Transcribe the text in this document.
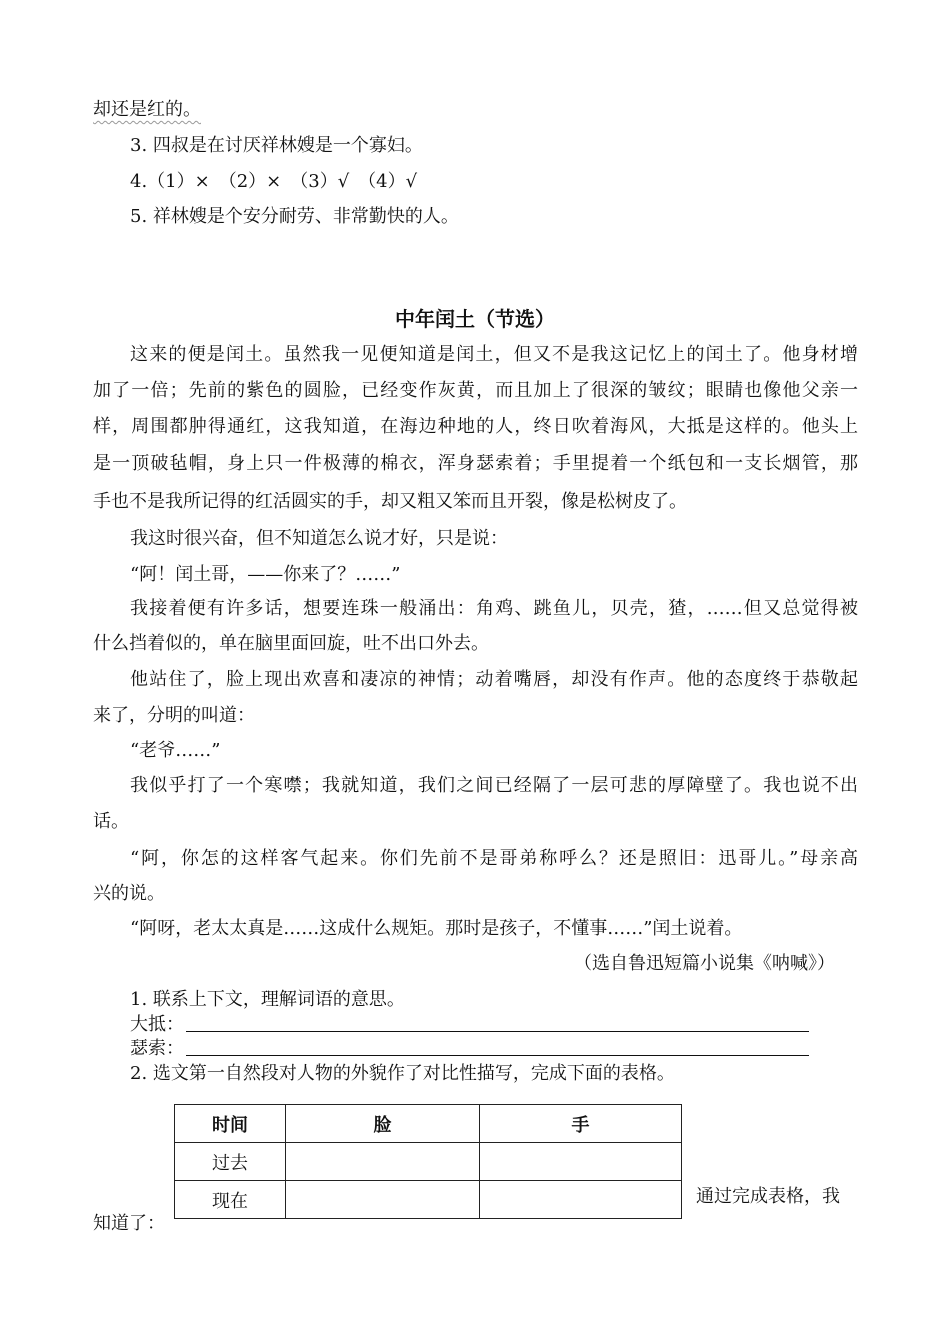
却还是红的。
3. 四叔是在讨厌祥林嫂是一个寡妇。
4.（1）×　（2）×　（3）√　（4）√
5. 祥林嫂是个安分耐劳、非常勤快的人。
中年闰土（节选）
这来的便是闰土。虽然我一见便知道是闰土，但又不是我这记忆上的闰土了。他身材增
加了一倍；先前的紫色的圆脸，已经变作灰黄，而且加上了很深的皱纹；眼睛也像他父亲一
样，周围都肿得通红，这我知道，在海边种地的人，终日吹着海风，大抵是这样的。他头上
是一顶破毡帽，身上只一件极薄的棉衣，浑身瑟索着；手里提着一个纸包和一支长烟管，那
手也不是我所记得的红活圆实的手，却又粗又笨而且开裂，像是松树皮了。
我这时很兴奋，但不知道怎么说才好，只是说：
“阿！闰土哥，——你来了？……”
我接着便有许多话，想要连珠一般涌出：角鸡、跳鱼儿，贝壳，猹，……但又总觉得被
什么挡着似的，单在脑里面回旋，吐不出口外去。
他站住了，脸上现出欢喜和凄凉的神情；动着嘴唇，却没有作声。他的态度终于恭敬起
来了，分明的叫道：
“老爷……”
我似乎打了一个寒噤；我就知道，我们之间已经隔了一层可悲的厚障壁了。我也说不出
话。
“阿，你怎的这样客气起来。你们先前不是哥弟称呼么？还是照旧：迅哥儿。”母亲高
兴的说。
“阿呀，老太太真是……这成什么规矩。那时是孩子，不懂事……”闰土说着。
（选自鲁迅短篇小说集《呐喊》）
1. 联系上下文，理解词语的意思。
大抵：
瑟索：
2. 选文第一自然段对人物的外貌作了对比性描写，完成下面的表格。
时间	脸	手
过去		
现在			通过完成表格，我
知道了：
